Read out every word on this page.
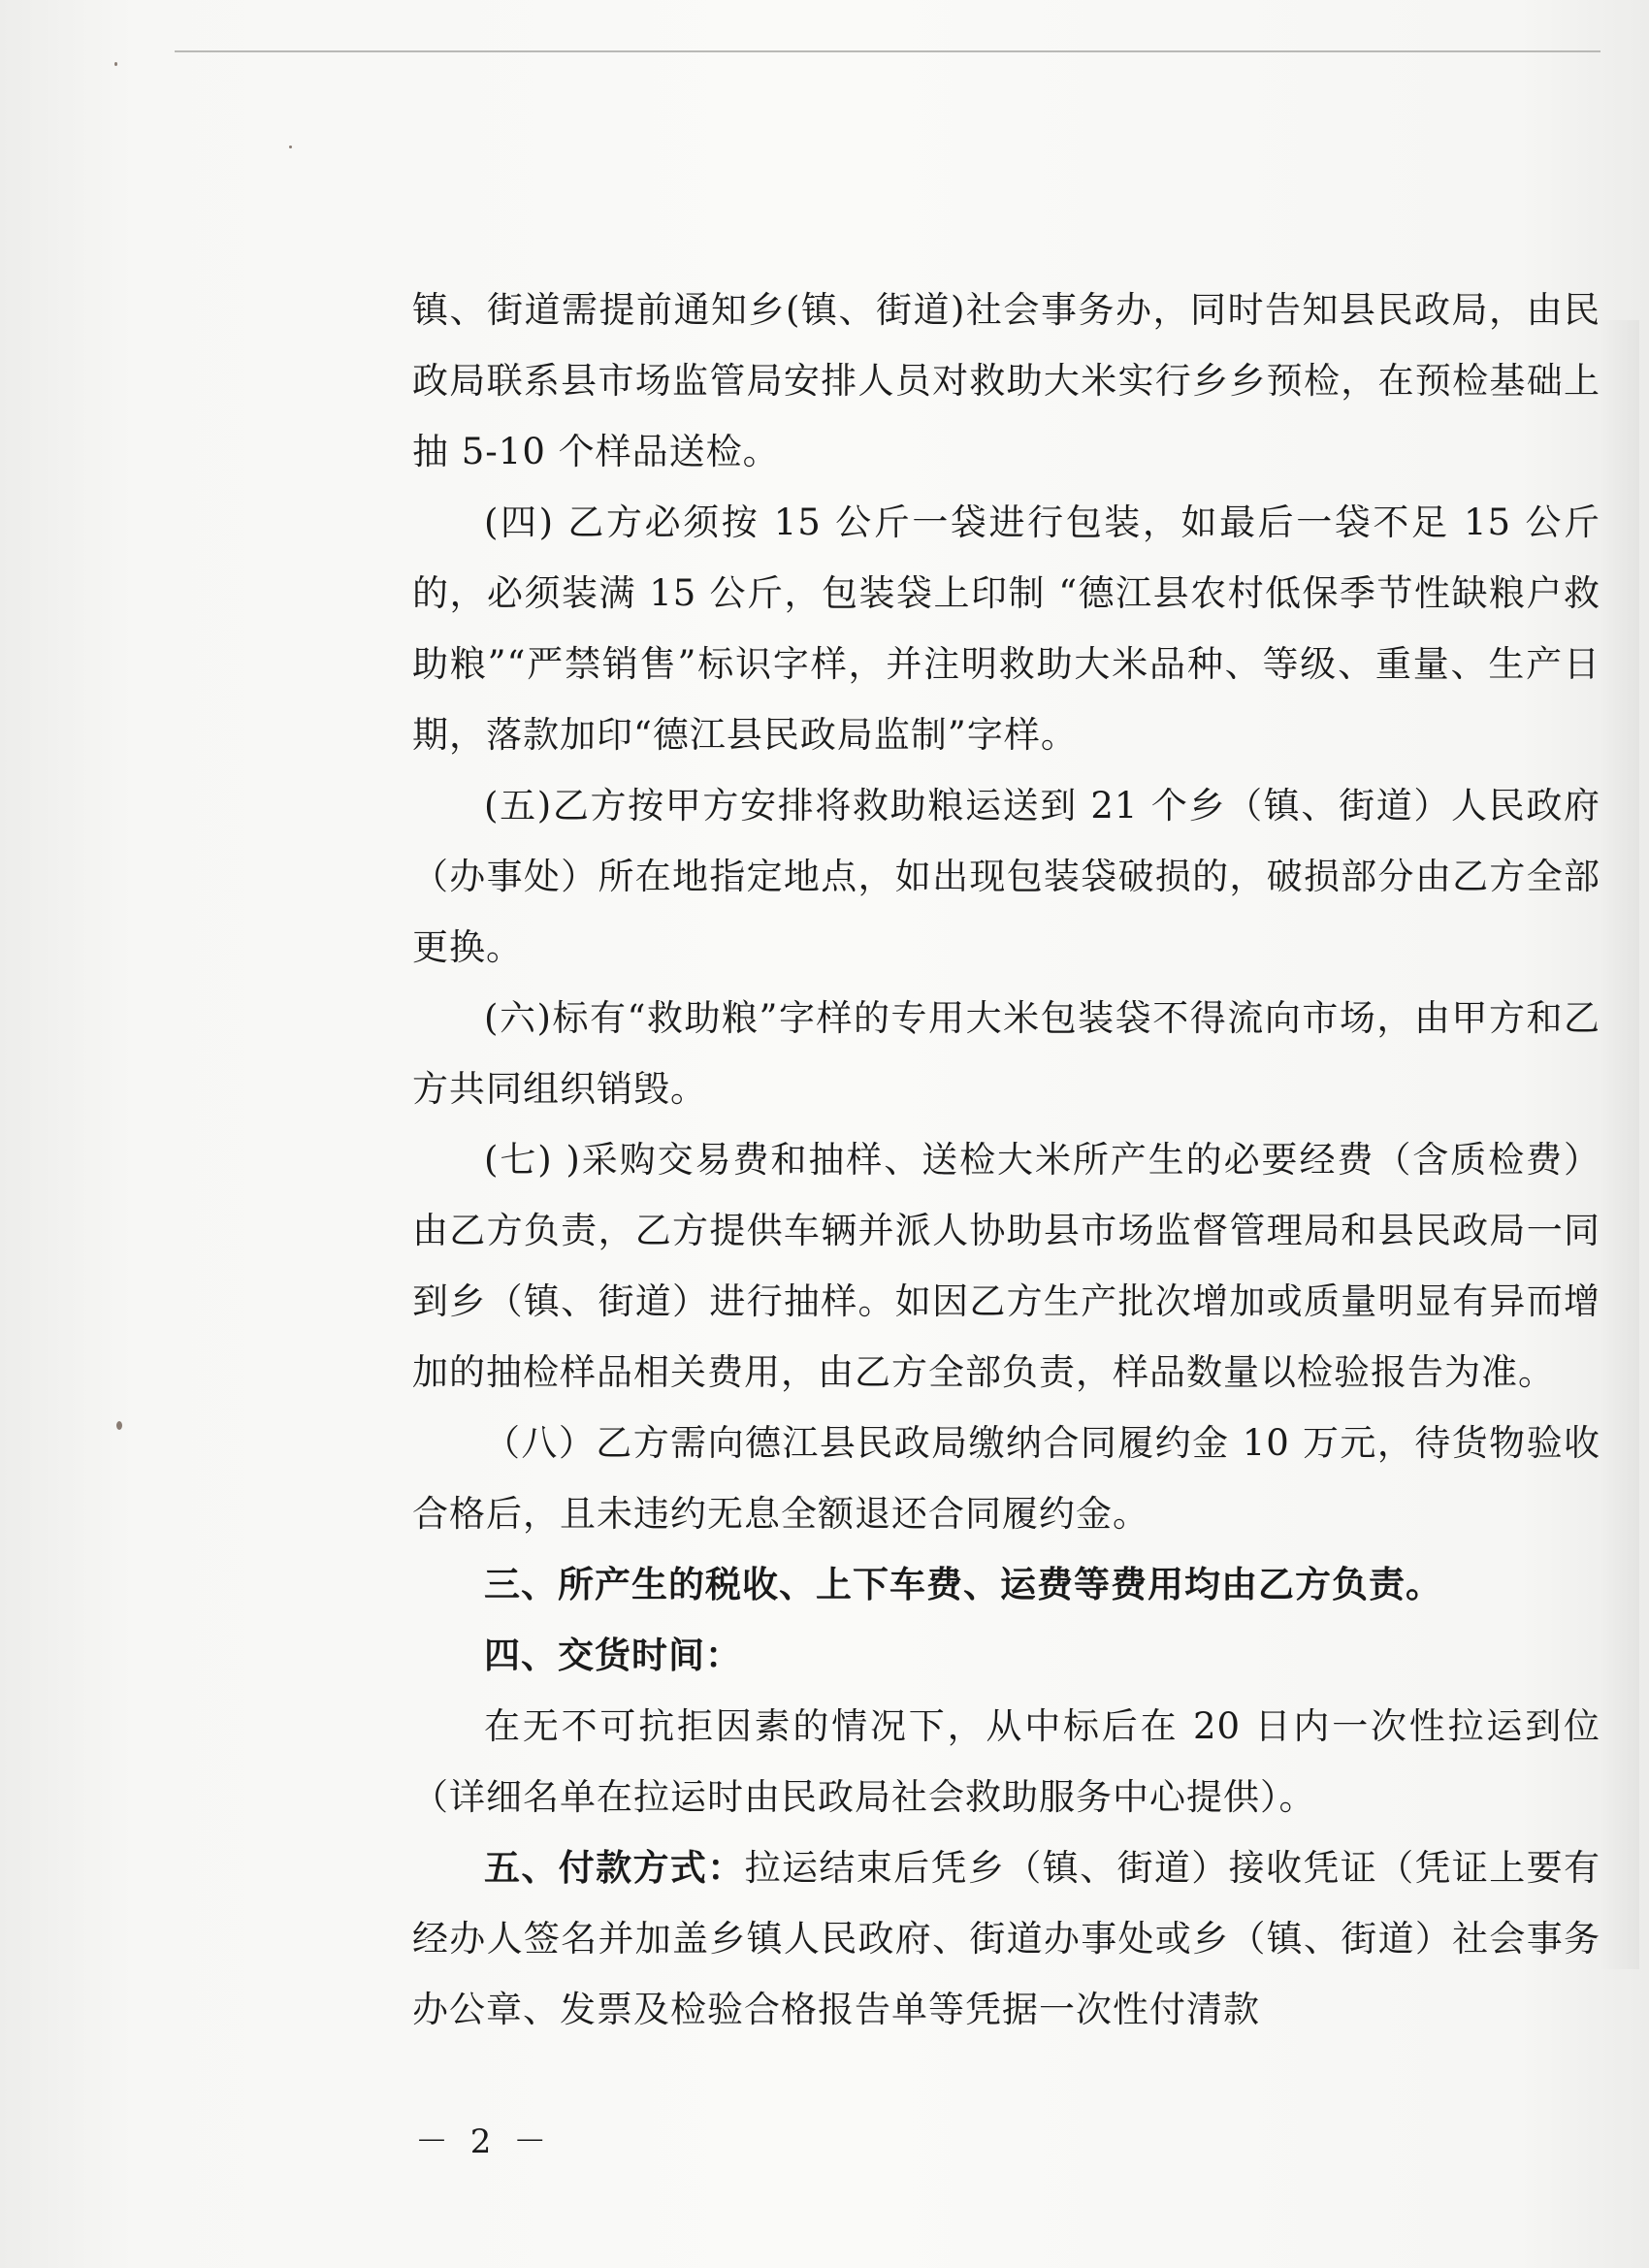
镇、街道需提前通知乡(镇、街道)社会事务办，同时告知县民政局，由民政局联系县市场监管局安排人员对救助大米实行乡乡预检，在预检基础上抽 5-10 个样品送检。

(四) 乙方必须按 15 公斤一袋进行包装，如最后一袋不足 15 公斤的，必须装满 15 公斤，包装袋上印制 “德江县农村低保季节性缺粮户救助粮”“严禁销售”标识字样，并注明救助大米品种、等级、重量、生产日期，落款加印“德江县民政局监制”字样。

(五)乙方按甲方安排将救助粮运送到 21 个乡（镇、街道）人民政府（办事处）所在地指定地点，如出现包装袋破损的，破损部分由乙方全部更换。

(六)标有“救助粮”字样的专用大米包装袋不得流向市场，由甲方和乙方共同组织销毁。

(七) )采购交易费和抽样、送检大米所产生的必要经费（含质检费）由乙方负责，乙方提供车辆并派人协助县市场监督管理局和县民政局一同到乡（镇、街道）进行抽样。如因乙方生产批次增加或质量明显有异而增加的抽检样品相关费用，由乙方全部负责，样品数量以检验报告为准。

（八）乙方需向德江县民政局缴纳合同履约金 10 万元，待货物验收合格后，且未违约无息全额退还合同履约金。

三、所产生的税收、上下车费、运费等费用均由乙方负责。

四、交货时间：

在无不可抗拒因素的情况下，从中标后在 20 日内一次性拉运到位（详细名单在拉运时由民政局社会救助服务中心提供）。

五、付款方式：拉运结束后凭乡（镇、街道）接收凭证（凭证上要有经办人签名并加盖乡镇人民政府、街道办事处或乡（镇、街道）社会事务办公章、发票及检验合格报告单等凭据一次性付清款

－ 2 －
